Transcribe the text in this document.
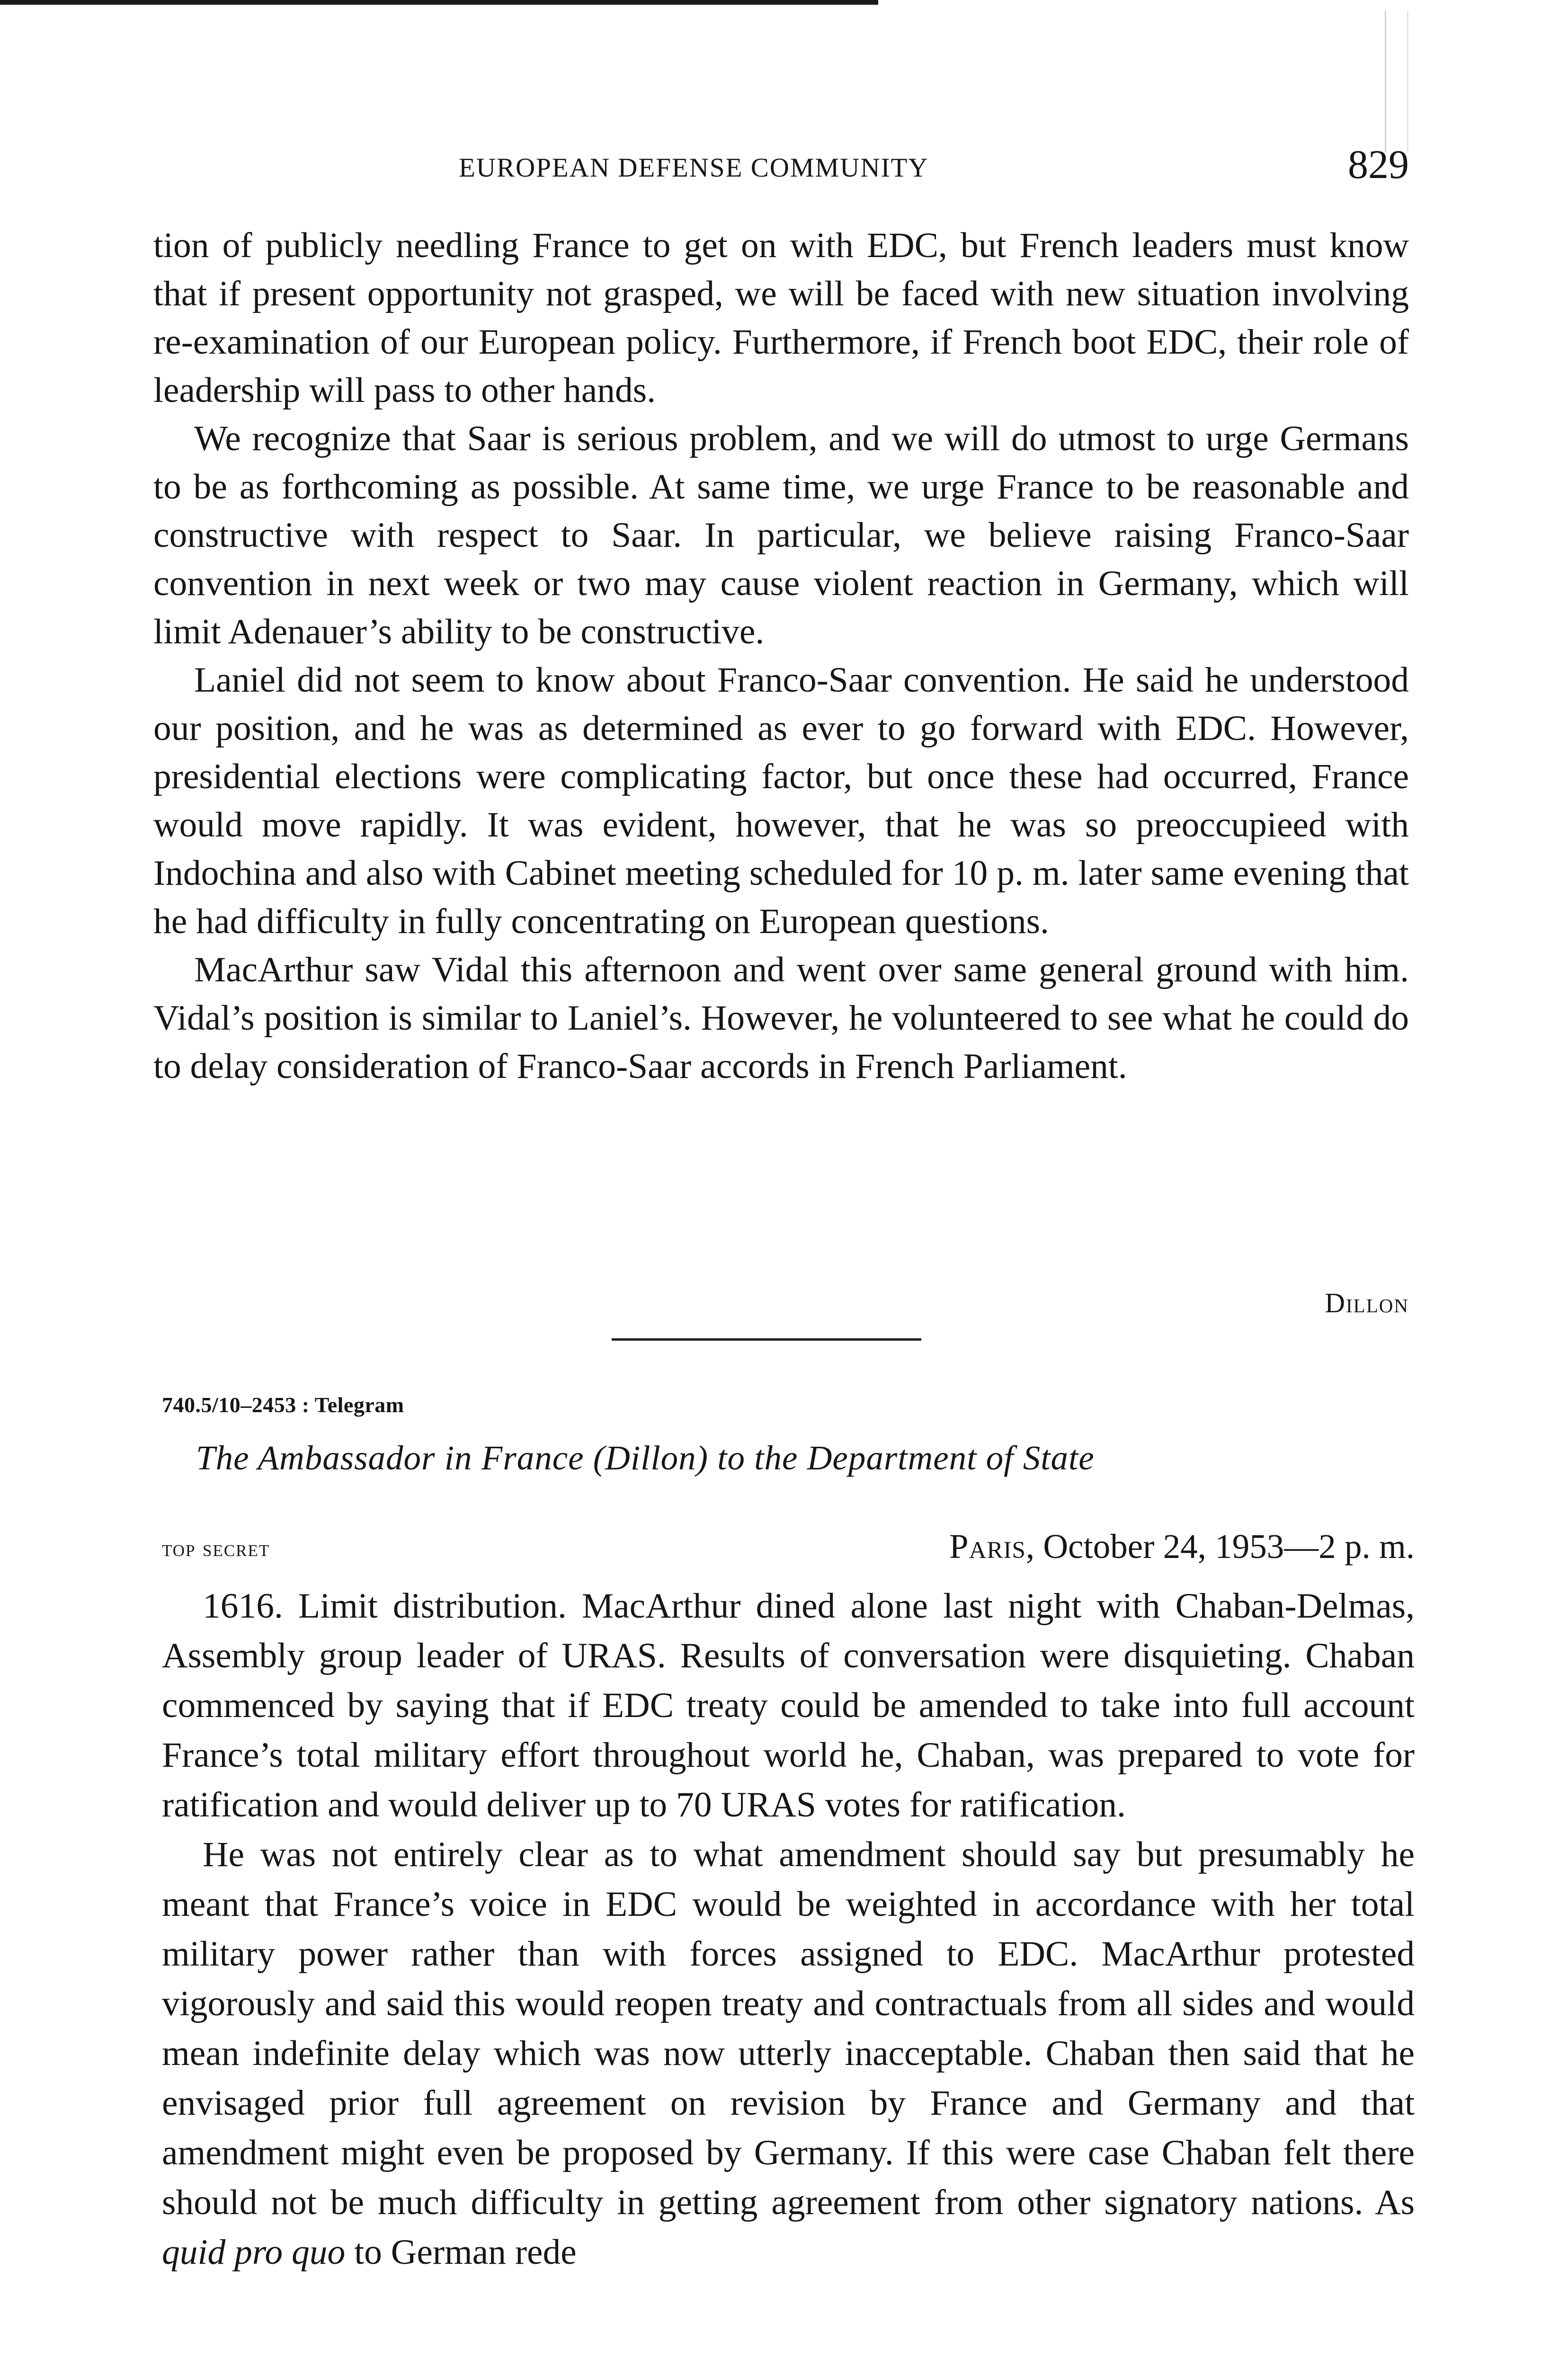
EUROPEAN DEFENSE COMMUNITY	829

tion of publicly needling France to get on with EDC, but French leaders must know that if present opportunity not grasped, we will be faced with new situation involving re-examination of our European policy. Furthermore, if French boot EDC, their role of leadership will pass to other hands.

We recognize that Saar is serious problem, and we will do utmost to urge Germans to be as forthcoming as possible. At same time, we urge France to be reasonable and constructive with respect to Saar. In particular, we believe raising Franco-Saar convention in next week or two may cause violent reaction in Germany, which will limit Adenauer’s ability to be constructive.

Laniel did not seem to know about Franco-Saar convention. He said he understood our position, and he was as determined as ever to go forward with EDC. However, presidential elections were complicating factor, but once these had occurred, France would move rapidly. It was evident, however, that he was so preoccupieed with Indochina and also with Cabinet meeting scheduled for 10 p. m. later same evening that he had difficulty in fully concentrating on European questions.

MacArthur saw Vidal this afternoon and went over same general ground with him. Vidal’s position is similar to Laniel’s. However, he volunteered to see what he could do to delay consideration of Franco-Saar accords in French Parliament.

Dillon
740.5/10–2453 : Telegram
The Ambassador in France (Dillon) to the Department of State
top secret	Paris, October 24, 1953—2 p. m.

1616. Limit distribution. MacArthur dined alone last night with Chaban-Delmas, Assembly group leader of URAS. Results of conversation were disquieting. Chaban commenced by saying that if EDC treaty could be amended to take into full account France’s total military effort throughout world he, Chaban, was prepared to vote for ratification and would deliver up to 70 URAS votes for ratification.

He was not entirely clear as to what amendment should say but presumably he meant that France’s voice in EDC would be weighted in accordance with her total military power rather than with forces assigned to EDC. MacArthur protested vigorously and said this would reopen treaty and contractuals from all sides and would mean indefinite delay which was now utterly inacceptable. Chaban then said that he envisaged prior full agreement on revision by France and Germany and that amendment might even be proposed by Germany. If this were case Chaban felt there should not be much difficulty in getting agreement from other signatory nations. As quid pro quo to German rede
